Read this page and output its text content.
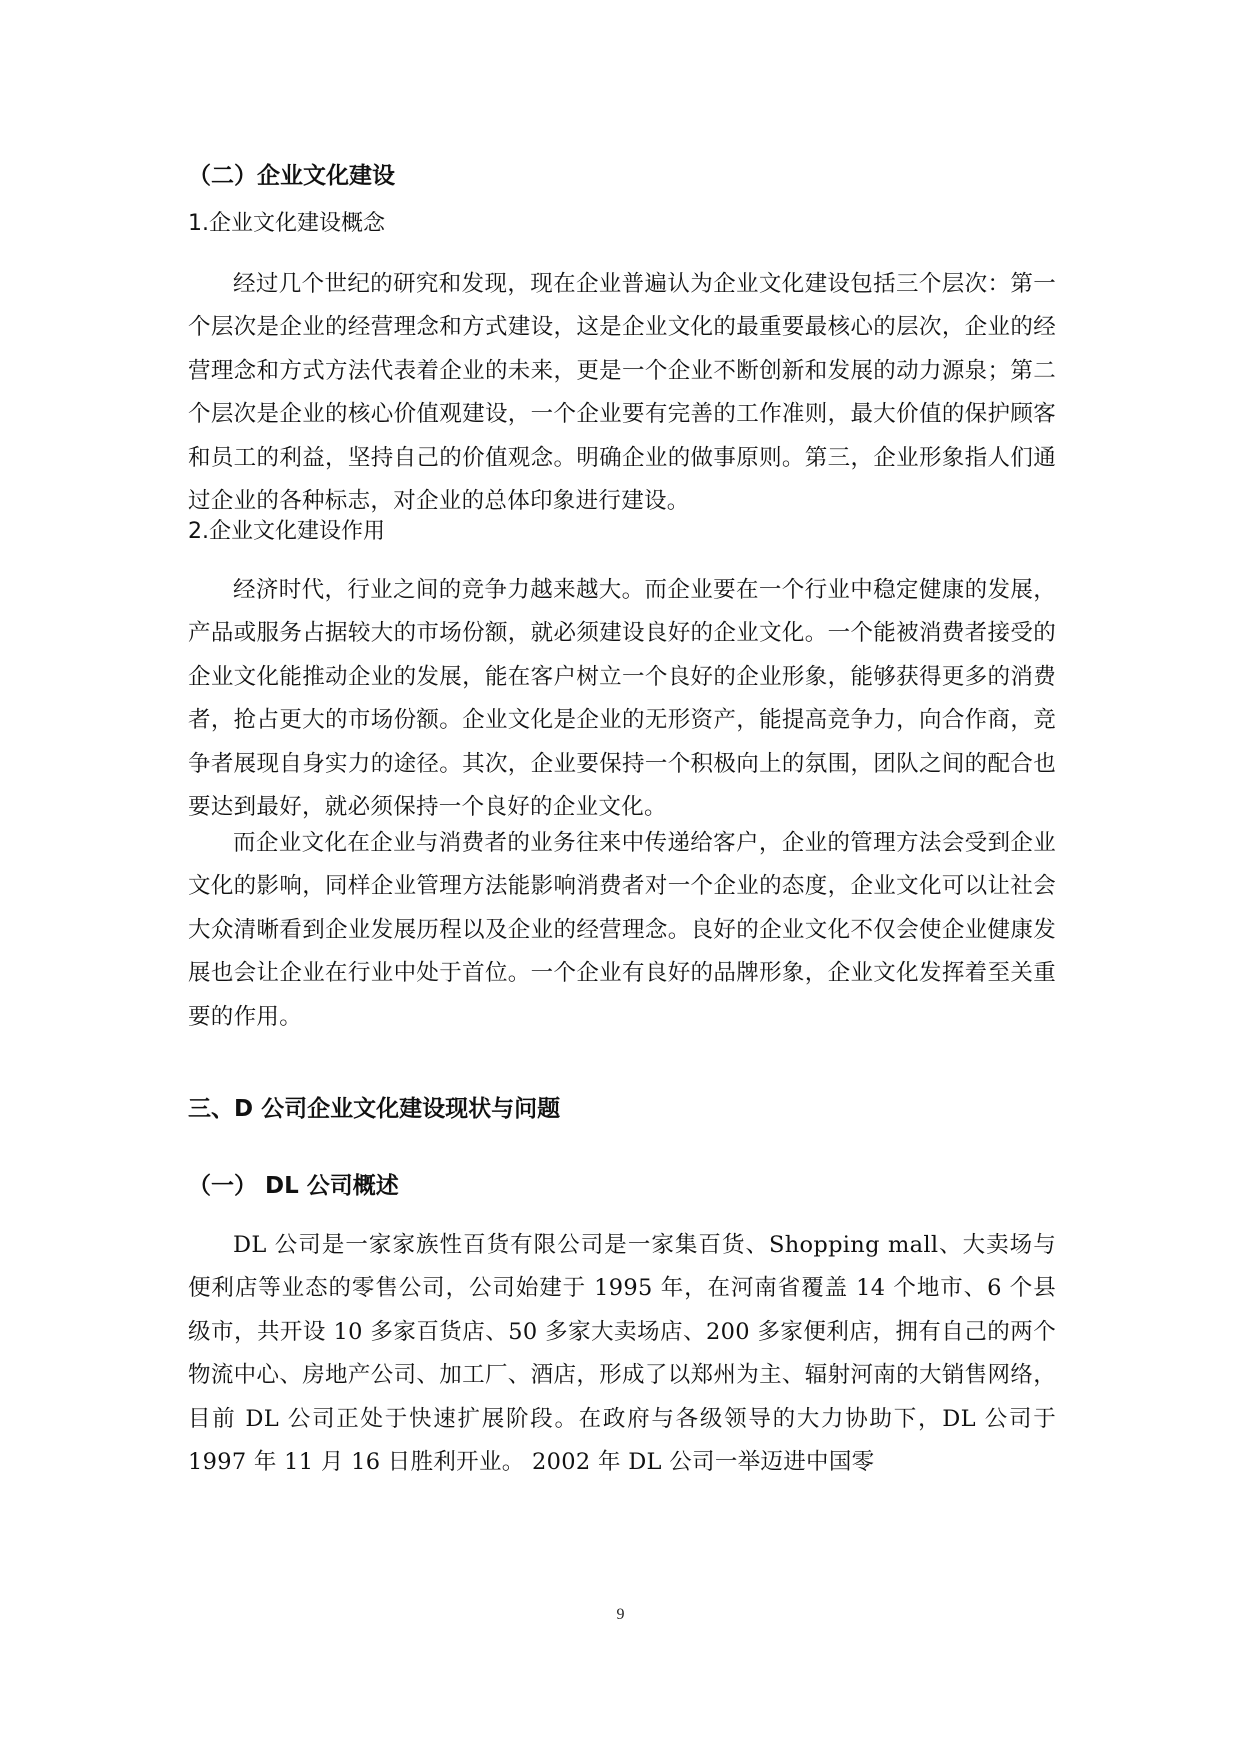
（二）企业文化建设
1.企业文化建设概念

经过几个世纪的研究和发现，现在企业普遍认为企业文化建设包括三个层次：第一个层次是企业的经营理念和方式建设，这是企业文化的最重要最核心的层次，企业的经营理念和方式方法代表着企业的未来，更是一个企业不断创新和发展的动力源泉；第二个层次是企业的核心价值观建设，一个企业要有完善的工作准则，最大价值的保护顾客和员工的利益，坚持自己的价值观念。明确企业的做事原则。第三，企业形象指人们通过企业的各种标志，对企业的总体印象进行建设。

2.企业文化建设作用

经济时代，行业之间的竞争力越来越大。而企业要在一个行业中稳定健康的发展，产品或服务占据较大的市场份额，就必须建设良好的企业文化。一个能被消费者接受的企业文化能推动企业的发展，能在客户树立一个良好的企业形象，能够获得更多的消费者，抢占更大的市场份额。企业文化是企业的无形资产，能提高竞争力，向合作商，竞争者展现自身实力的途径。其次，企业要保持一个积极向上的氛围，团队之间的配合也要达到最好，就必须保持一个良好的企业文化。

而企业文化在企业与消费者的业务往来中传递给客户，企业的管理方法会受到企业文化的影响，同样企业管理方法能影响消费者对一个企业的态度，企业文化可以让社会大众清晰看到企业发展历程以及企业的经营理念。良好的企业文化不仅会使企业健康发展也会让企业在行业中处于首位。一个企业有良好的品牌形象，企业文化发挥着至关重要的作用。

三、D 公司企业文化建设现状与问题
（一） DL 公司概述

DL 公司是一家家族性百货有限公司是一家集百货、Shopping mall、大卖场与便利店等业态的零售公司，公司始建于 1995 年，在河南省覆盖 14 个地市、6 个县级市，共开设 10 多家百货店、50 多家大卖场店、200 多家便利店，拥有自己的两个物流中心、房地产公司、加工厂、酒店，形成了以郑州为主、辐射河南的大销售网络，目前 DL 公司正处于快速扩展阶段。在政府与各级领导的大力协助下，DL 公司于 1997 年 11 月 16 日胜利开业。 2002 年 DL 公司一举迈进中国零

9
